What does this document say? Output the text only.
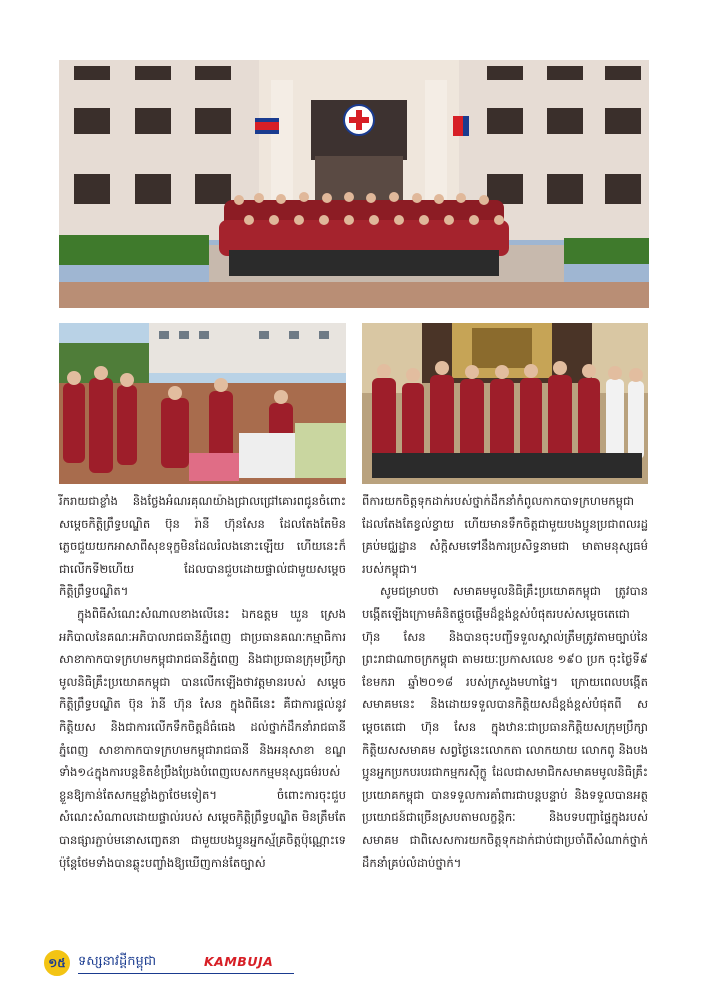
រីករាយជាខ្លាំង និងថ្លែងអំណរគុណយ៉ាងជ្រាលជ្រៅគោរពជូនចំពោះ សម្តេចកិត្តិព្រឹទ្ធបណ្ឌិត ប៊ុន រ៉ានី ហ៊ុនសែន ដែលតែងតែមិនភ្លេចជួយយកអាសាពីសុខទុក្ខមិនដែលរំលងនោះឡើយ ហើយនេះក៏ជាលើកទី២ហើយ ដែលបានជួបដោយផ្ទាល់ជាមួយសម្តេចកិត្តិព្រឹទ្ធបណ្ឌិត។

ក្នុងពិធីសំណេះសំណាលខាងលើនេះ ឯកឧត្តម ឃួន ស្រេង អភិបាលនៃគណៈអភិបាលរាជធានីភ្នំពេញ ជាប្រធានគណៈកម្មាធិការសាខាកាកបាទក្រហមកម្ពុជារាជធានីភ្នំពេញ និងជាប្រធានក្រុមប្រឹក្សាមូលនិធិគ្រឹះប្រយោគកម្ពុជា បានលើកឡើងថាវត្តមានរបស់ សម្តេចកិត្តិព្រឹទ្ធបណ្ឌិត ប៊ុន រ៉ានី ហ៊ុន សែន ក្នុងពិធីនេះ គឺជាការផ្តល់នូវកិត្តិយស និងជាការលើកទឹកចិត្តដ៏ធំធេង ដល់ថ្នាក់ដឹកនាំរាជធានីភ្នំពេញ សាខាកាកបាទក្រហមកម្ពុជារាជធានី និងអនុសាខា ខណ្ឌទាំង១៤ក្នុងការបន្តខិតខំប្រឹងប្រែងបំពេញបេសកកម្មមនុស្សធម៌របស់ខ្លួនឱ្យកាន់តែសកម្មខ្លាំងក្លាថែមទៀត។ ចំពោះការចុះជួបសំណេះសំណាលដោយផ្ទាល់របស់ សម្តេចកិត្តិព្រឹទ្ធបណ្ឌិត មិនត្រឹមតែបានផ្សារភ្ជាប់មនោសញ្ចេតនា ជាមួយបងប្អូនអ្នកស្ម័គ្រចិត្តប៉ុណ្ណោះទេ ប៉ុន្តែថែមទាំងបានឆ្លុះបញ្ចាំងឱ្យឃើញកាន់តែច្បាស់

ពីការយកចិត្តទុកដាក់របស់ថ្នាក់ដឹកនាំកំពូលកាកបាទក្រហមកម្ពុជា ដែលតែងតែខ្វល់ខ្វាយ ហើយមានទឹកចិត្តជាមួយបងប្អូនប្រជាពលរដ្ឋគ្រប់មជ្ឈដ្ឋាន សំក្តិសមទៅនឹងការប្រសិទ្ធនាមជា មាតាមនុស្សធម៌ របស់កម្ពុជា។

សូមជម្រាបថា សមាគមមូលនិធិគ្រឹះប្រយោគកម្ពុជា ត្រូវបានបង្កើតឡើងក្រោមគំនិតផ្តួចផ្តើមដ៏ខ្ពង់ខ្ពស់បំផុតរបស់សម្តេចតេជោ ហ៊ុន សែន និងបានចុះបញ្ជីទទួលស្គាល់ត្រឹមត្រូវតាមច្បាប់នៃព្រះរាជាណាចក្រកម្ពុជា តាមរយៈប្រកាសលេខ ១៩០ ប្រក ចុះថ្ងៃទី៩ ខែមករា ឆ្នាំ២០១៨ របស់ក្រសួងមហាផ្ទៃ។ ក្រោយពេលបង្កើតសមាគមនេះ និងដោយទទួលបានកិត្តិយសដ៏ខ្ពង់ខ្ពស់បំផុតពី សម្តេចតេជោ ហ៊ុន សែន ក្នុងឋានៈជាប្រធានកិត្តិយសក្រុមប្រឹក្សាកិត្តិយសសមាគម សព្វថ្ងៃនេះលោកតា លោកយាយ លោកពូ និងបងប្អូនអ្នកប្រកបរបរជាកម្មករស៊ីក្លូ ដែលជាសមាជិកសមាគមមូលនិធិគ្រឹះប្រយោគកម្ពុជា បានទទួលការគាំពារជាបន្តបន្ទាប់ និងទទួលបានអត្ថប្រយោជន៍ជាច្រើនស្របតាមលក្ខន្តិកៈ និងបទបញ្ជាផ្ទៃក្នុងរបស់សមាគម ជាពិសេសការយកចិត្តទុកដាក់ជាប់ជាប្រចាំពីសំណាក់ថ្នាក់ដឹកនាំគ្រប់លំដាប់ថ្នាក់។

១៥ ទស្សនាវដ្តីកម្ពុជា	KAMBUJA
